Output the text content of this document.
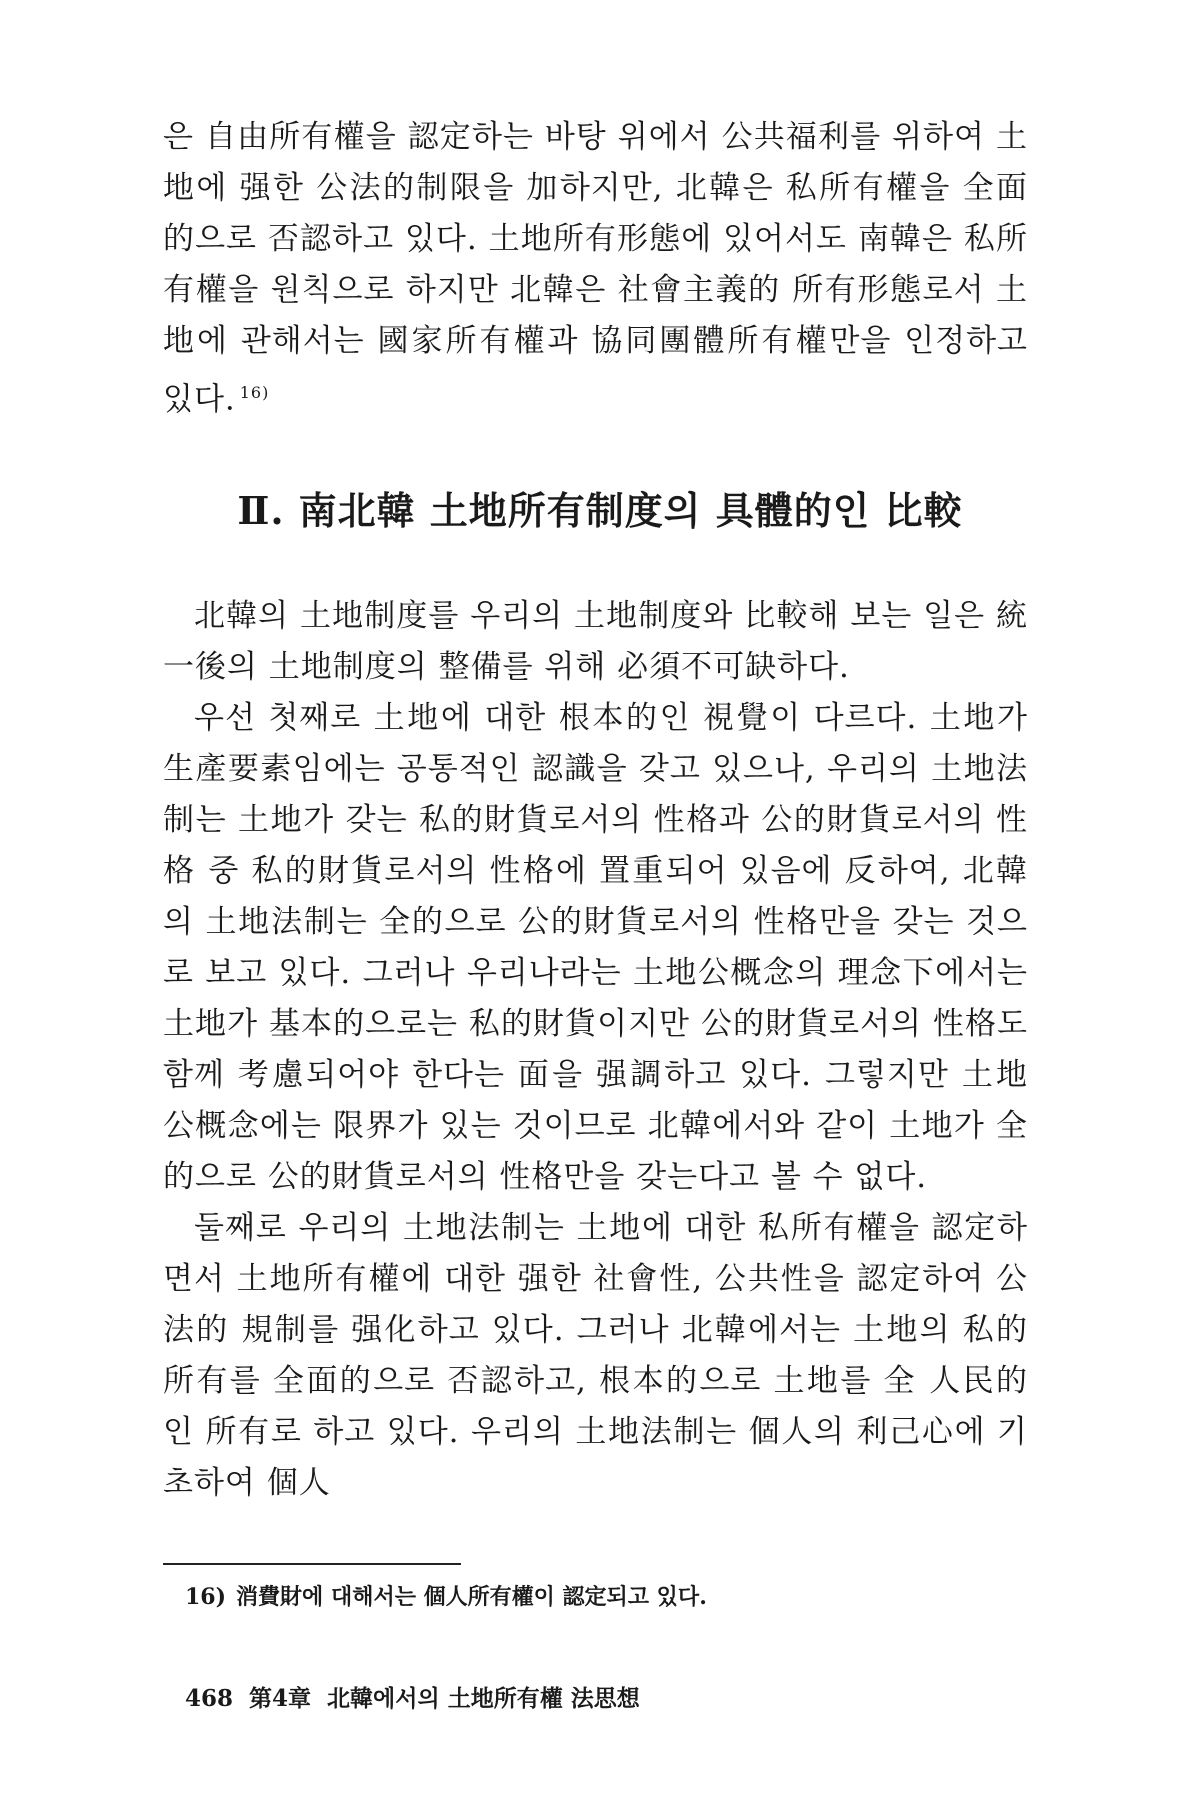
은 自由所有權을 認定하는 바탕 위에서 公共福利를 위하여 土地에 强한 公法的制限을 加하지만, 北韓은 私所有權을 全面的으로 否認하고 있다. 土地所有形態에 있어서도 南韓은 私所有權을 원칙으로 하지만 北韓은 社會主義的 所有形態로서 土地에 관해서는 國家所有權과 協同團體所有權만을 인정하고 있다. $^{16)}$

Ⅱ. 南北韓 土地所有制度의 具體的인 比較

北韓의 土地制度를 우리의 土地制度와 比較해 보는 일은 統一後의 土地制度의 整備를 위해 必須不可缺하다.

우선 첫째로 土地에 대한 根本的인 視覺이 다르다. 土地가 生產要素임에는 공통적인 認識을 갖고 있으나, 우리의 土地法制는 土地가 갖는 私的財貨로서의 性格과 公的財貨로서의 性格 중 私的財貨로서의 性格에 置重되어 있음에 反하여, 北韓의 土地法制는 全的으로 公的財貨로서의 性格만을 갖는 것으로 보고 있다. 그러나 우리나라는 土地公概念의 理念下에서는 土地가 基本的으로는 私的財貨이지만 公的財貨로서의 性格도 함께 考慮되어야 한다는 面을 强調하고 있다. 그렇지만 土地公概念에는 限界가 있는 것이므로 北韓에서와 같이 土地가 全的으로 公的財貨로서의 性格만을 갖는다고 볼 수 없다.

둘째로 우리의 土地法制는 土地에 대한 私所有權을 認定하면서 土地所有權에 대한 强한 社會性, 公共性을 認定하여 公法的 規制를 强化하고 있다. 그러나 北韓에서는 土地의 私的所有를 全面的으로 否認하고, 根本的으로 土地를 全 人民的인 所有로 하고 있다. 우리의 土地法制는 個人의 利己心에 기초하여 個人

16) 消費財에 대해서는 個人所有權이 認定되고 있다.
468 第4章 北韓에서의 土地所有權 法思想
